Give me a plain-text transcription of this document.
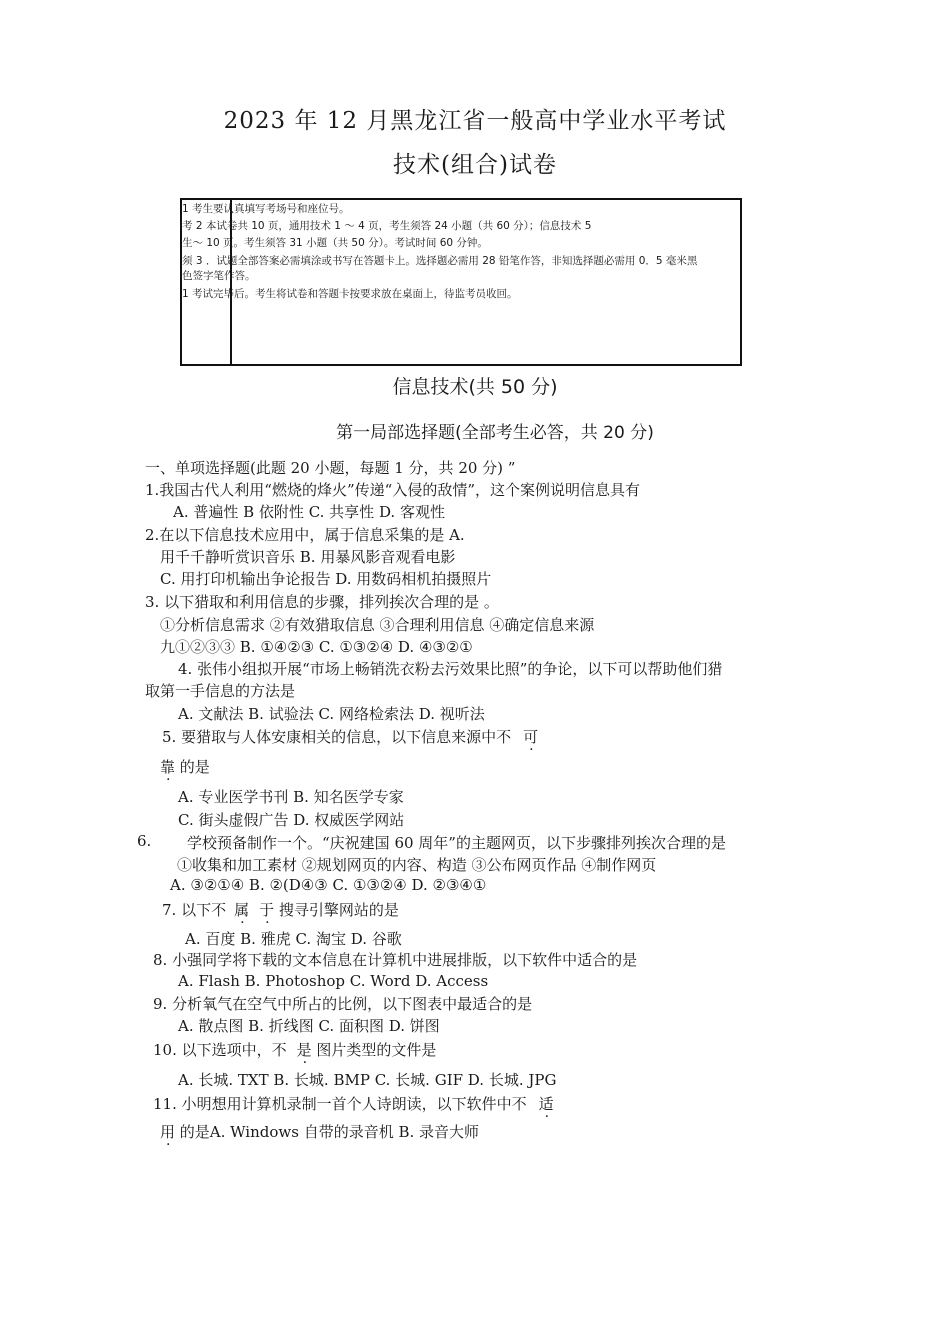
2023 年 12 月黑龙江省一般高中学业水平考试
技术(组合)试卷
1 考生要认真填写考场号和座位号。
考 2 本试卷共 10 页，通用技术 1 ～ 4 页，考生须答 24 小题（共 60 分）；信息技术 5
生～ 10 页。考生须答 31 小题（共 50 分）。考试时间 60 分钟。
须 3 ．试题全部答案必需填涂或书写在答题卡上。选择题必需用 28 铅笔作答，非知选择题必需用 0．5 毫米黑
色签字笔作答。
1 考试完毕后。考生将试卷和答题卡按要求放在桌面上，待监考员收回。
信息技术(共 50 分)
第一局部选择题(全部考生必答，共 20 分)
一、单项选择题(此题 20 小题，每题 1 分，共 20 分) ”
1.我国古代人利用“燃烧的烽火”传递“入侵的敌情”，这个案例说明信息具有
A. 普遍性 B 依附性 C. 共享性 D. 客观性
2.在以下信息技术应用中，属于信息采集的是 A.
用千千静听赏识音乐 B. 用暴风影音观看电影
C. 用打印机输出争论报告 D. 用数码相机拍摄照片
3. 以下猎取和利用信息的步骤，排列挨次合理的是 。
①分析信息需求 ②有效猎取信息 ③合理利用信息 ④确定信息来源
九①②③③ B. ①④②③ C. ①③②④ D. ④③②①
4. 张伟小组拟开展“市场上畅销洗衣粉去污效果比照”的争论，以下可以帮助他们猎
取第一手信息的方法是
A. 文献法 B. 试验法 C. 网络检索法 D. 视听法
5. 要猎取与人体安康相关的信息，以下信息来源中不 可
靠 的是
A. 专业医学书刊 B. 知名医学专家
C. 街头虚假广告 D. 权威医学网站
6. 学校预备制作一个。“庆祝建国 60 周年”的主题网页，以下步骤排列挨次合理的是
①收集和加工素材 ②规划网页的内容、构造 ③公布网页作品 ④制作网页
A. ③②①④ B. ②(D④③ C. ①③②④ D. ②③④①
7. 以下不 属 于 搜寻引擎网站的是
A. 百度 B. 雅虎 C. 淘宝 D. 谷歌
8. 小强同学将下载的文本信息在计算机中进展排版，以下软件中适合的是
A. Flash B. Photoshop C. Word D. Access
9. 分析氧气在空气中所占的比例，以下图表中最适合的是
A. 散点图 B. 折线图 C. 面积图 D. 饼图
10. 以下选项中，不 是 图片类型的文件是
A. 长城. TXT B. 长城. BMP C. 长城. GIF D. 长城. JPG
11. 小明想用计算机录制一首个人诗朗读，以下软件中不 适
用 的是A. Windows 自带的录音机 B. 录音大师
